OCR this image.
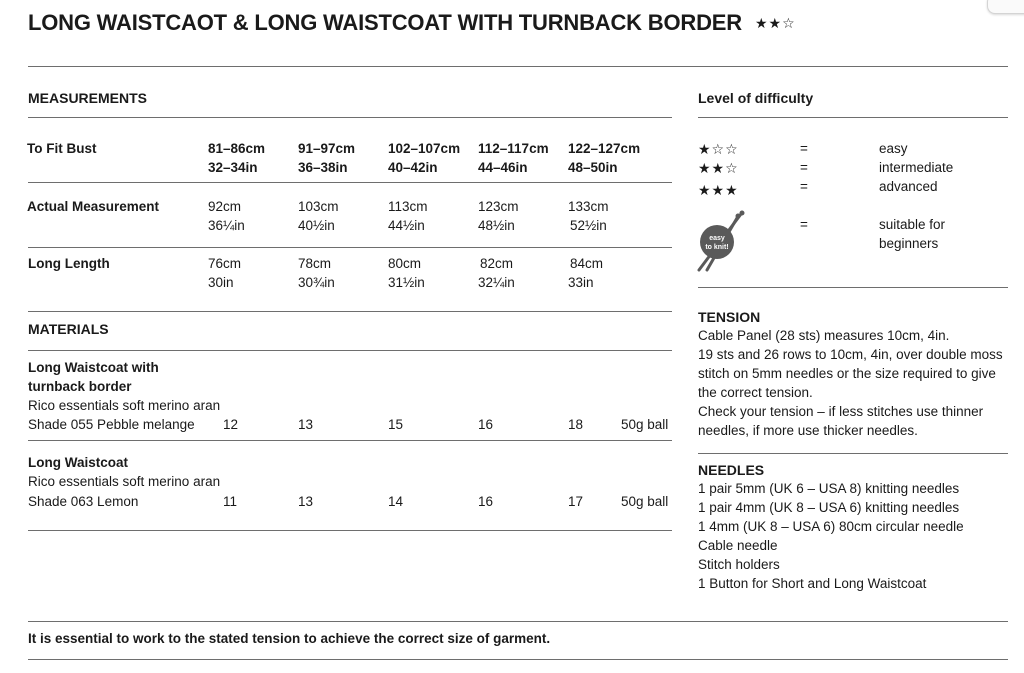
LONG WAISTCAOT & LONG WAISTCOAT WITH TURNBACK BORDER ★★☆
MEASUREMENTS
To Fit Bust	81–86cm 91–97cm 102–107cm 112–117cm 122–127cm
32–34in	36–38in	40–42in	44–46in	48–50in
Actual Measurement	92cm	103cm	113cm	123cm	133cm
36¼in	40½in	44½in	48½in	52½in
Long Length	76cm	78cm	80cm	82cm	84cm
30in	30¾in	31½in	32¼in	33in
MATERIALS
Long Waistcoat with
turnback border
Rico essentials soft merino aran
Shade 055 Pebble melange 12	13	15	16	18	50g ball
Long Waistcoat
Rico essentials soft merino aran
Shade 063 Lemon	11	13	14	16	17	50g ball
Level of difficulty
★☆☆	=	easy
★★☆	=	intermediate
★★★	=	advanced
easy
to knit!
=	suitable for
beginners
TENSION
Cable Panel (28 sts) measures 10cm, 4in.
19 sts and 26 rows to 10cm, 4in, over double moss
stitch on 5mm needles or the size required to give
the correct tension.
Check your tension – if less stitches use thinner
needles, if more use thicker needles.
NEEDLES
1 pair 5mm (UK 6 – USA 8) knitting needles
1 pair 4mm (UK 8 – USA 6) knitting needles
1 4mm (UK 8 – USA 6) 80cm circular needle
Cable needle
Stitch holders
1 Button for Short and Long Waistcoat
It is essential to work to the stated tension to achieve the correct size of garment.
